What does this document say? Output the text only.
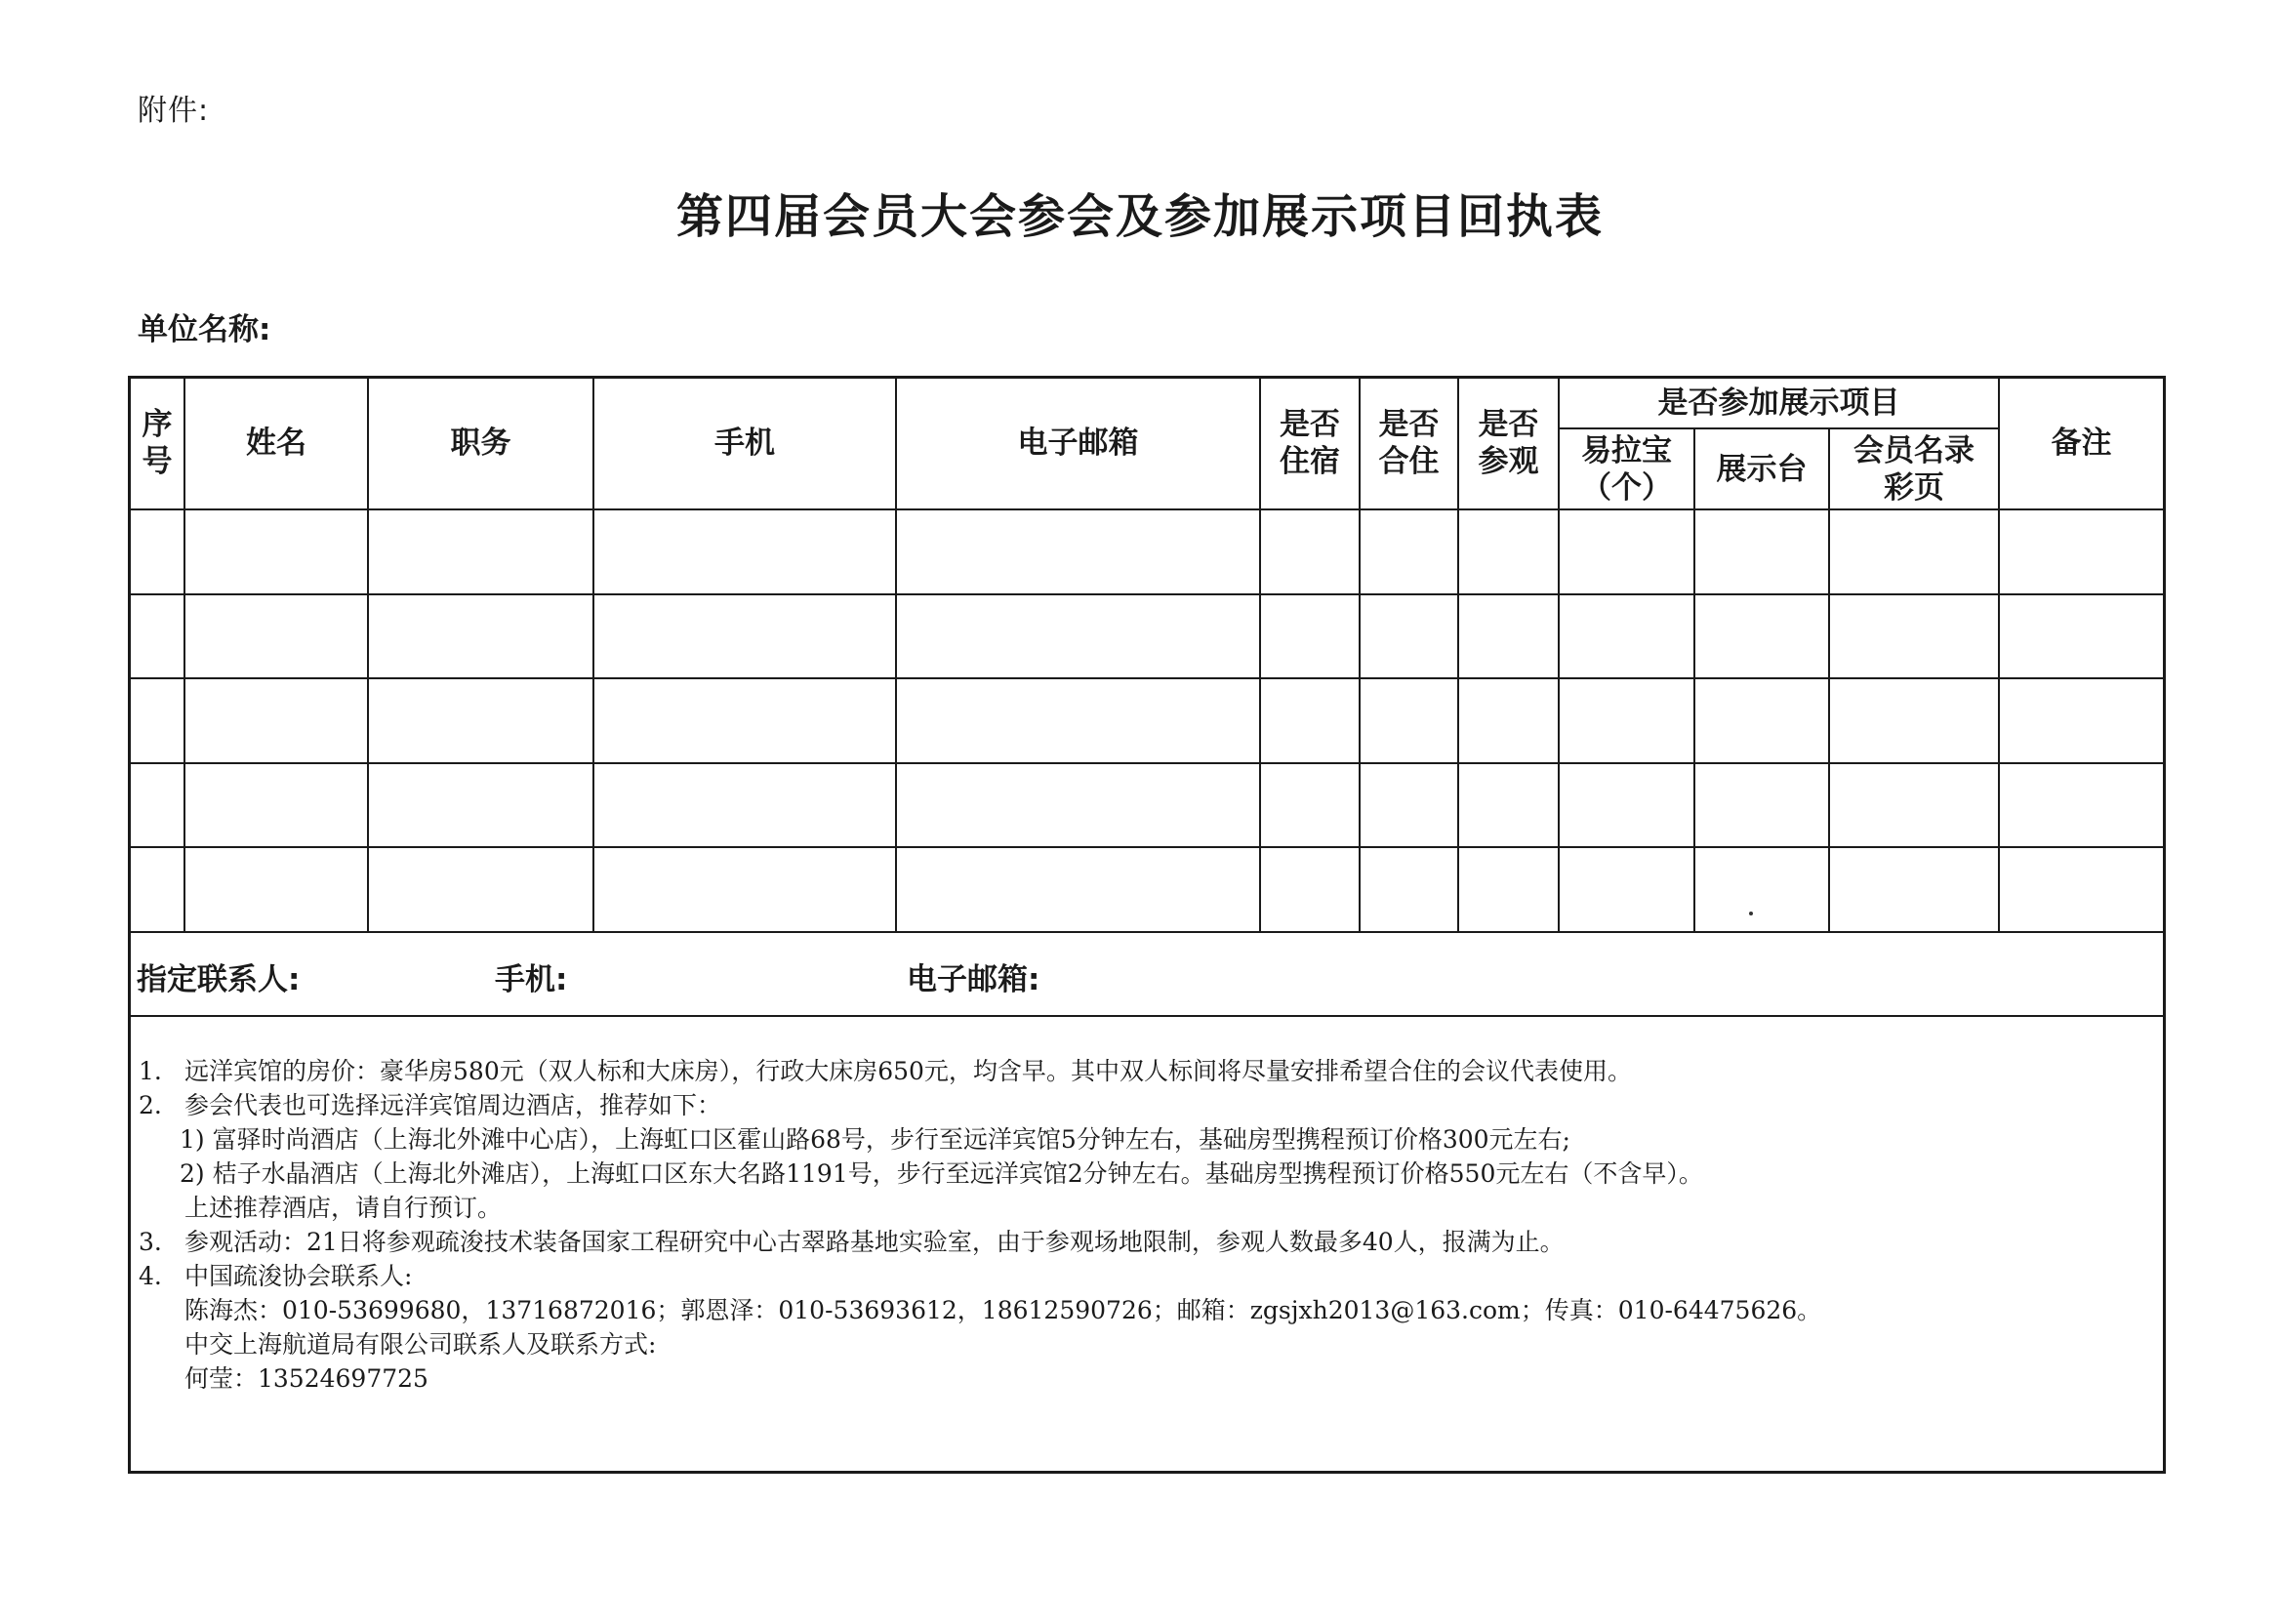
附件:
第四届会员大会参会及参加展示项目回执表
单位名称:
序号	姓名	职务	手机	电子邮箱	是否住宿	是否合住	是否参观	是否参加展示项目			备注
								易拉宝（个）	展示台	会员名录彩页	

指定联系人:	手机:	电子邮箱:
1. 远洋宾馆的房价：豪华房580元（双人标和大床房），行政大床房650元，均含早。其中双人标间将尽量安排希望合住的会议代表使用。
2. 参会代表也可选择远洋宾馆周边酒店，推荐如下：
1) 富驿时尚酒店（上海北外滩中心店），上海虹口区霍山路68号，步行至远洋宾馆5分钟左右，基础房型携程预订价格300元左右;
2) 桔子水晶酒店（上海北外滩店），上海虹口区东大名路1191号，步行至远洋宾馆2分钟左右。基础房型携程预订价格550元左右（不含早）。
上述推荐酒店，请自行预订。
3. 参观活动：21日将参观疏浚技术装备国家工程研究中心古翠路基地实验室，由于参观场地限制，参观人数最多40人，报满为止。
4. 中国疏浚协会联系人:
陈海杰：010-53699680，13716872016；郭恩泽：010-53693612，18612590726；邮箱：zgsjxh2013@163.com；传真：010-64475626。
中交上海航道局有限公司联系人及联系方式:
何莹：13524697725
